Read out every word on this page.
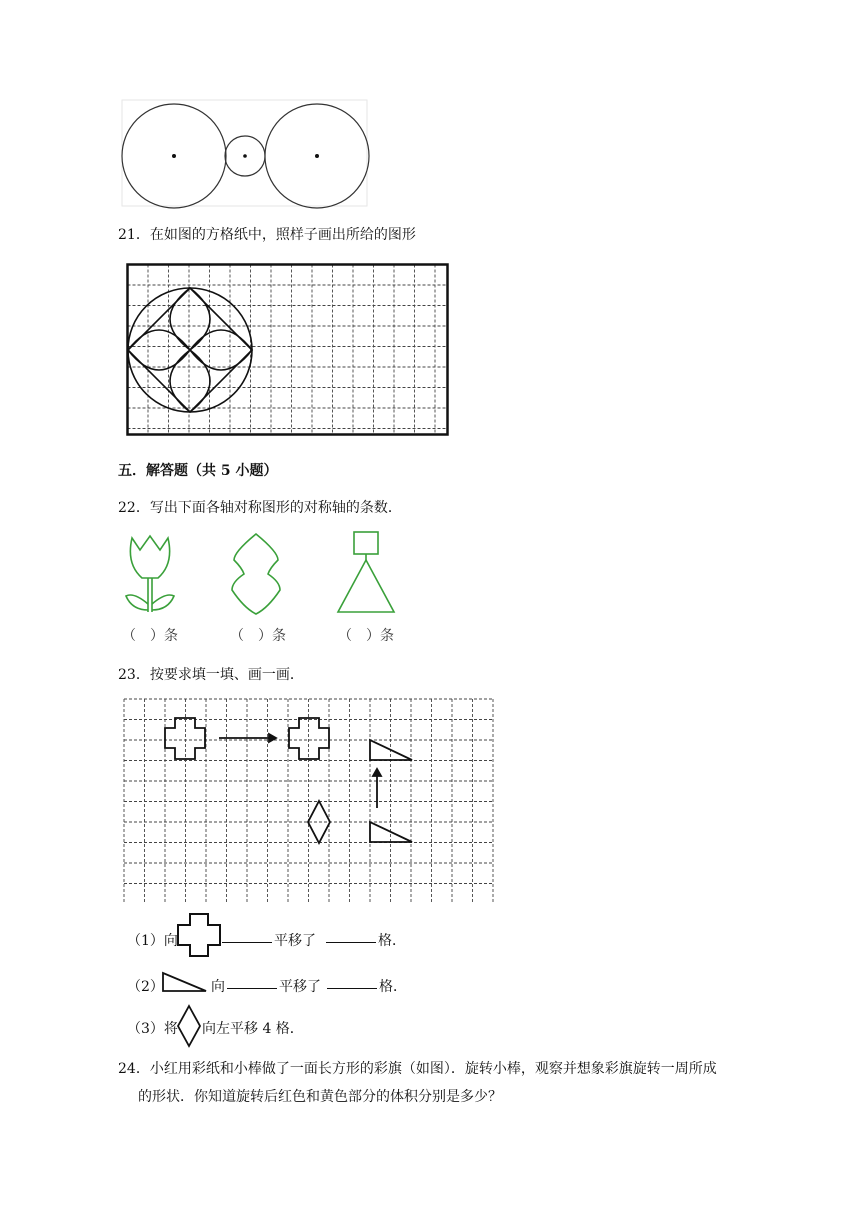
21．在如图的方格纸中，照样子画出所给的图形
五．解答题（共 5 小题）
22．写出下面各轴对称图形的对称轴的条数．
（　）条	（　）条	（　）条
23．按要求填一填、画一画．
（1）向	平移了	格．
（2）	向	平移了	格．
（3）将 向左平移 4 格．
24．小红用彩纸和小棒做了一面长方形的彩旗（如图）．旋转小棒，观察并想象彩旗旋转一周所成
的形状．你知道旋转后红色和黄色部分的体积分别是多少？
